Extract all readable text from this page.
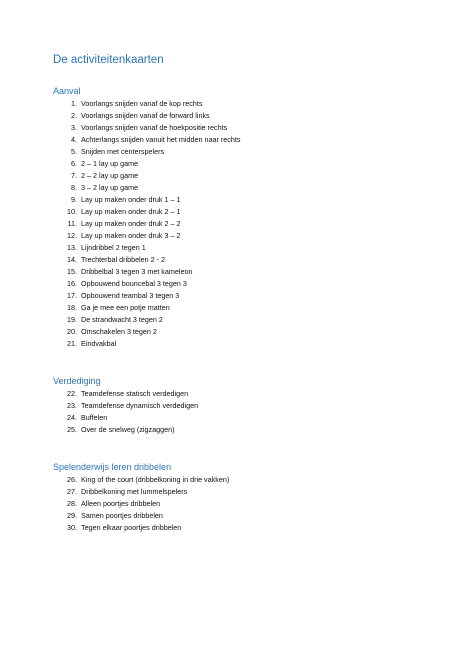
De activiteitenkaarten
Aanval
1. Voorlangs snijden vanaf de kop rechts
2. Voorlangs snijden vanaf de forward links
3. Voorlangs snijden vanaf de hoekpositie rechts
4. Achterlangs snijden vanuit het midden naar rechts
5. Snijden met centerspelers
6. 2 – 1 lay up game
7. 2 – 2 lay up game
8. 3 – 2 lay up game
9. Lay up maken onder druk 1 – 1
10. Lay up maken onder druk 2 – 1
11. Lay up maken onder druk 2 – 2
12. Lay up maken onder druk 3 – 2
13. Lijndribbel 2 tegen 1
14. Trechterbal dribbelen 2 - 2
15. Dribbelbal 3 tegen 3 met kameleon
16. Opbouwend bouncebal 3 tegen 3
17. Opbouwend teambal 3 tegen 3
18. Ga je mee een potje matten
19. De strandwacht 3 tegen 2
20. Omschakelen 3 tegen 2
21. Eindvakbal
Verdediging
22. Teamdefense statisch verdedigen
23. Teamdefense dynamisch verdedigen
24. Buffelen
25. Over de snelweg (zigzaggen)
Spelenderwijs leren dribbelen
26. King of the court (dribbelkoning in drie vakken)
27. Dribbelkoning met lummelspelers
28. Alleen poortjes dribbelen
29. Samen poortjes dribbelen
30. Tegen elkaar poortjes dribbelen
